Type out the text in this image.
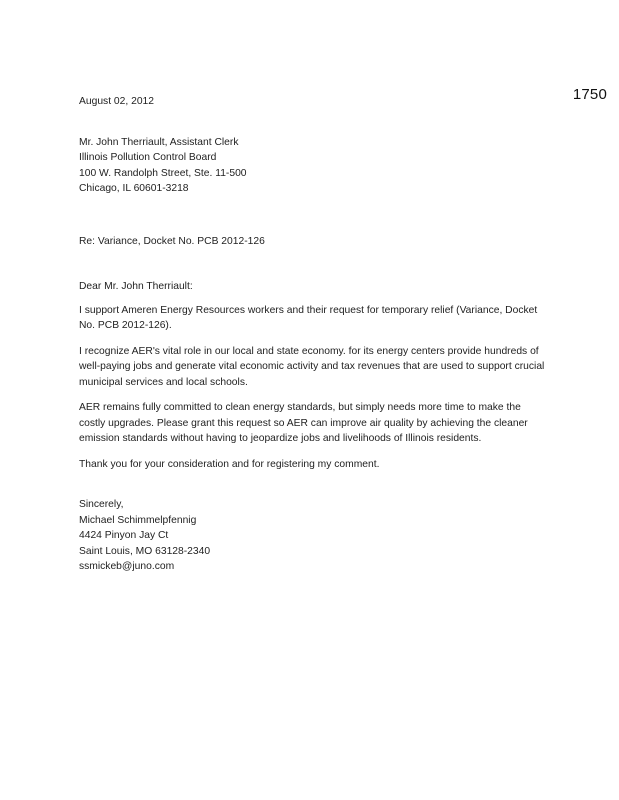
1750
August 02, 2012
Mr. John Therriault, Assistant Clerk
Illinois Pollution Control Board
100 W. Randolph Street, Ste. 11-500
Chicago, IL 60601-3218
Re: Variance, Docket No. PCB 2012-126
Dear Mr. John Therriault:
I support Ameren Energy Resources workers and their request for temporary relief (Variance, Docket No. PCB 2012-126).
I recognize AER's vital role in our local and state economy. for its energy centers provide hundreds of well-paying jobs and generate vital economic activity and tax revenues that are used to support crucial municipal services and local schools.
AER remains fully committed to clean energy standards, but simply needs more time to make the costly upgrades. Please grant this request so AER can improve air quality by achieving the cleaner emission standards without having to jeopardize jobs and livelihoods of Illinois residents.
Thank you for your consideration and for registering my comment.
Sincerely,
Michael Schimmelpfennig
4424 Pinyon Jay Ct
Saint Louis, MO 63128-2340
ssmickeb@juno.com
